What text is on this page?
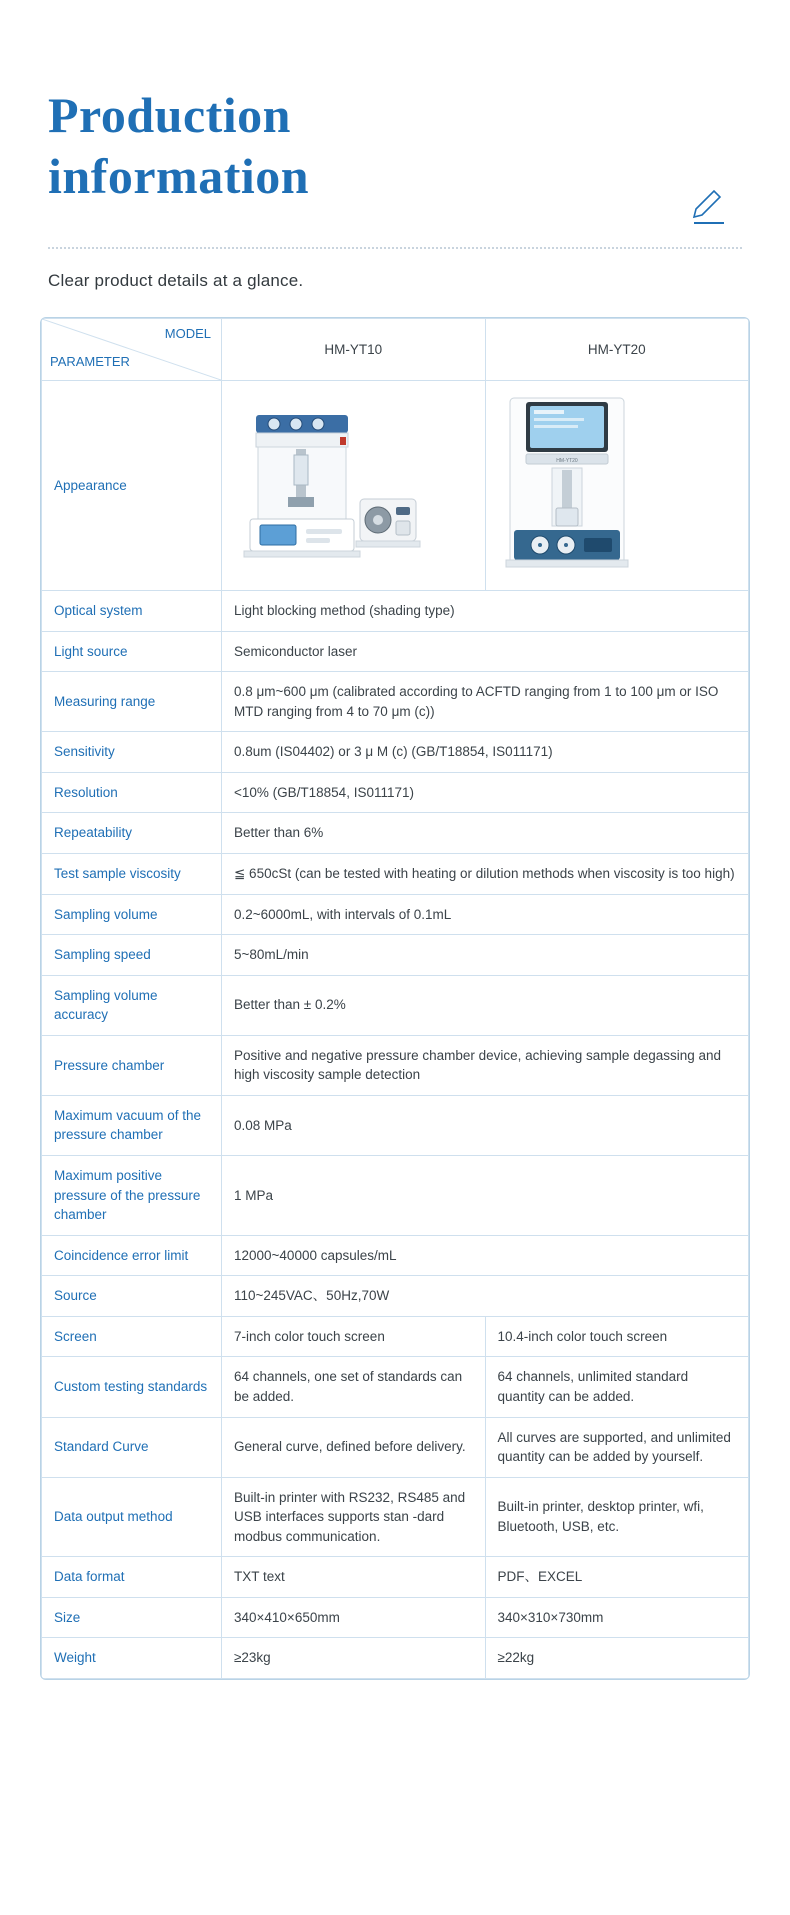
Production
information
Clear product details at a glance.
MODEL
PARAMETER	HM-YT10	HM-YT20
Appearance		HM-YT20

Optical system	Light blocking method (shading type)	
Light source	Semiconductor laser	
Measuring range	0.8 μm~600 μm (calibrated according to ACFTD ranging from 1 to 100 μm or ISO MTD ranging from 4 to 70 μm (c))	
Sensitivity	0.8um (IS04402) or 3 μ M (c) (GB/T18854, IS011171)	
Resolution	<10% (GB/T18854, IS011171)	
Repeatability	Better than 6%	
Test sample viscosity	≦ 650cSt (can be tested with heating or dilution methods when viscosity is too high)	
Sampling volume	0.2~6000mL, with intervals of 0.1mL	
Sampling speed	5~80mL/min	
Sampling volume accuracy	Better than ± 0.2%	
Pressure chamber	Positive and negative pressure chamber device, achieving sample degassing and high viscosity sample detection	
Maximum vacuum of the pressure chamber	0.08 MPa	
Maximum positive pressure of the pressure chamber	1 MPa	
Coincidence error limit	12000~40000 capsules/mL	
Source	110~245VAC、50Hz,70W	
Screen	7-inch color touch screen	10.4-inch color touch screen
Custom testing standards	64 channels, one set of standards can be added.	64 channels, unlimited standard quantity can be added.
Standard Curve	General curve, defined before delivery.	All curves are supported, and unlimited quantity can be added by yourself.
Data output method	Built-in printer with RS232, RS485 and USB interfaces supports stan -dard modbus communication.	Built-in printer, desktop printer, wfi, Bluetooth, USB, etc.
Data format	TXT text	PDF、EXCEL
Size	340×410×650mm	340×310×730mm
Weight	≥23kg	≥22kg
